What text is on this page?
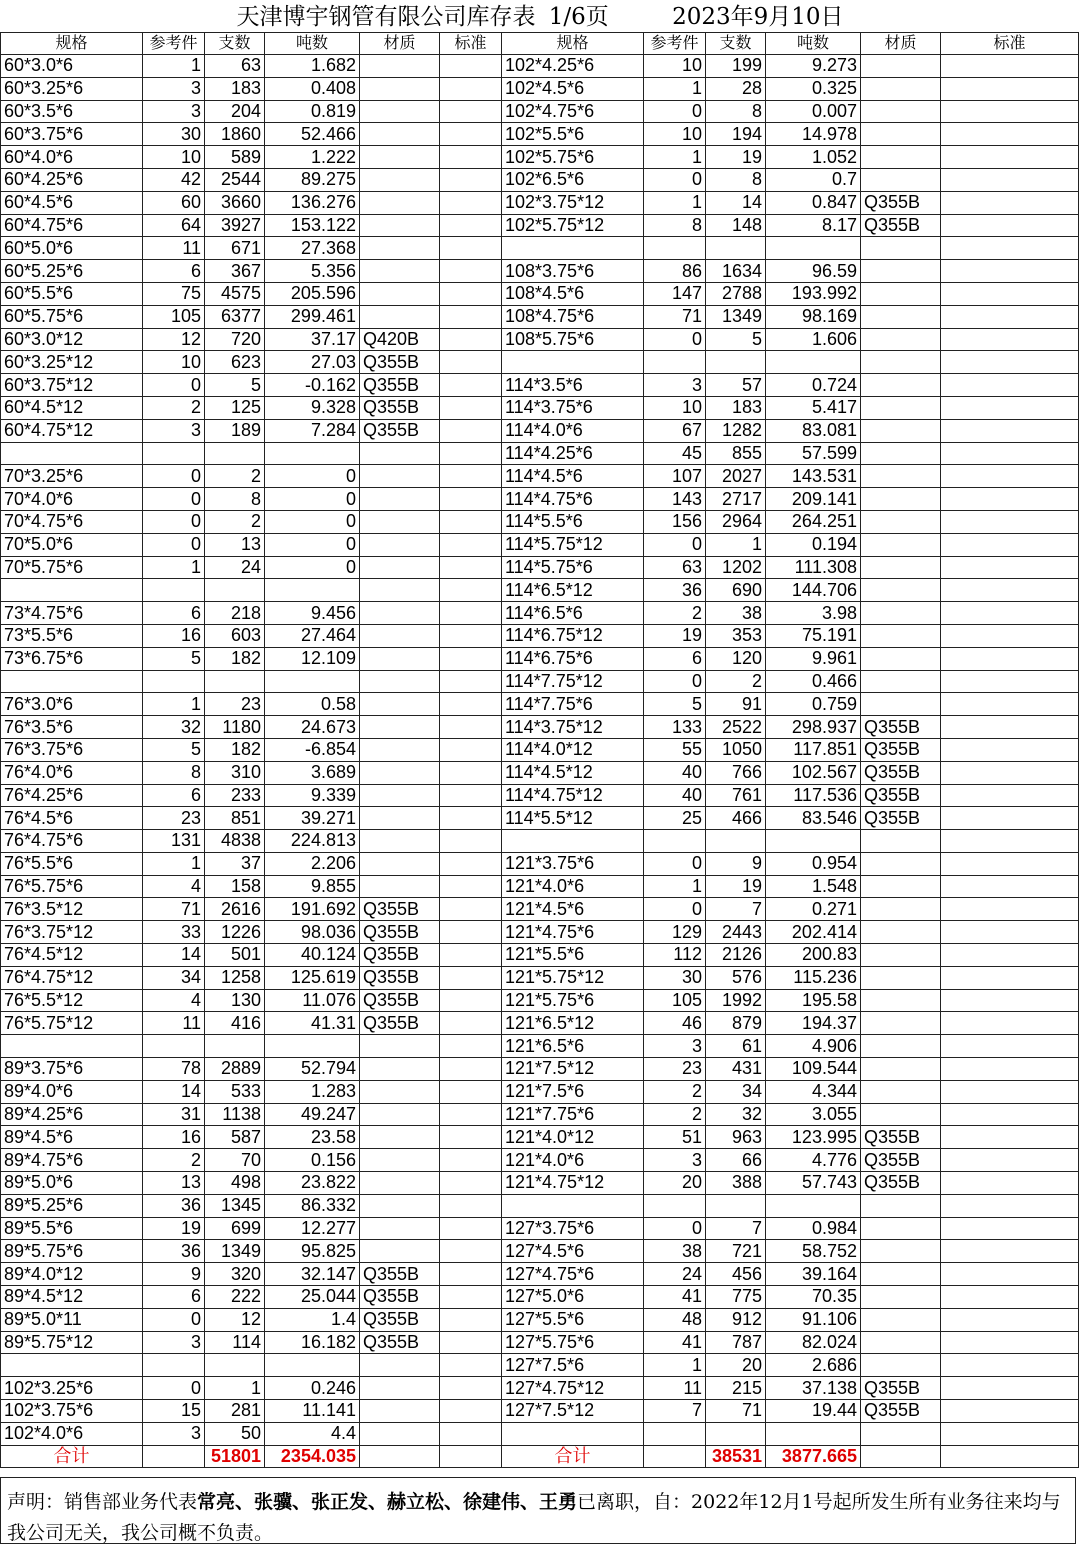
天津博宇钢管有限公司库存表 1/6页	2023年9月10日
规格	参考件	支数	吨数	材质	标准	规格	参考件	支数	吨数	材质	标准
60*3.0*6	1	63	1.682			102*4.25*6	10	199	9.273		
60*3.25*6	3	183	0.408			102*4.5*6	1	28	0.325		
60*3.5*6	3	204	0.819			102*4.75*6	0	8	0.007		
60*3.75*6	30	1860	52.466			102*5.5*6	10	194	14.978		
60*4.0*6	10	589	1.222			102*5.75*6	1	19	1.052		
60*4.25*6	42	2544	89.275			102*6.5*6	0	8	0.7		
60*4.5*6	60	3660	136.276			102*3.75*12	1	14	0.847	Q355B	
60*4.75*6	64	3927	153.122			102*5.75*12	8	148	8.17	Q355B	
60*5.0*6	11	671	27.368								
60*5.25*6	6	367	5.356			108*3.75*6	86	1634	96.59		
60*5.5*6	75	4575	205.596			108*4.5*6	147	2788	193.992		
60*5.75*6	105	6377	299.461			108*4.75*6	71	1349	98.169		
60*3.0*12	12	720	37.17	Q420B		108*5.75*6	0	5	1.606		
60*3.25*12	10	623	27.03	Q355B							
60*3.75*12	0	5	-0.162	Q355B		114*3.5*6	3	57	0.724		
60*4.5*12	2	125	9.328	Q355B		114*3.75*6	10	183	5.417		
60*4.75*12	3	189	7.284	Q355B		114*4.0*6	67	1282	83.081		
						114*4.25*6	45	855	57.599		
70*3.25*6	0	2	0			114*4.5*6	107	2027	143.531		
70*4.0*6	0	8	0			114*4.75*6	143	2717	209.141		
70*4.75*6	0	2	0			114*5.5*6	156	2964	264.251		
70*5.0*6	0	13	0			114*5.75*12	0	1	0.194		
70*5.75*6	1	24	0			114*5.75*6	63	1202	111.308		
						114*6.5*12	36	690	144.706		
73*4.75*6	6	218	9.456			114*6.5*6	2	38	3.98		
73*5.5*6	16	603	27.464			114*6.75*12	19	353	75.191		
73*6.75*6	5	182	12.109			114*6.75*6	6	120	9.961		
						114*7.75*12	0	2	0.466		
76*3.0*6	1	23	0.58			114*7.75*6	5	91	0.759		
76*3.5*6	32	1180	24.673			114*3.75*12	133	2522	298.937	Q355B	
76*3.75*6	5	182	-6.854			114*4.0*12	55	1050	117.851	Q355B	
76*4.0*6	8	310	3.689			114*4.5*12	40	766	102.567	Q355B	
76*4.25*6	6	233	9.339			114*4.75*12	40	761	117.536	Q355B	
76*4.5*6	23	851	39.271			114*5.5*12	25	466	83.546	Q355B	
76*4.75*6	131	4838	224.813								
76*5.5*6	1	37	2.206			121*3.75*6	0	9	0.954		
76*5.75*6	4	158	9.855			121*4.0*6	1	19	1.548		
76*3.5*12	71	2616	191.692	Q355B		121*4.5*6	0	7	0.271		
76*3.75*12	33	1226	98.036	Q355B		121*4.75*6	129	2443	202.414		
76*4.5*12	14	501	40.124	Q355B		121*5.5*6	112	2126	200.83		
76*4.75*12	34	1258	125.619	Q355B		121*5.75*12	30	576	115.236		
76*5.5*12	4	130	11.076	Q355B		121*5.75*6	105	1992	195.58		
76*5.75*12	11	416	41.31	Q355B		121*6.5*12	46	879	194.37		
						121*6.5*6	3	61	4.906		
89*3.75*6	78	2889	52.794			121*7.5*12	23	431	109.544		
89*4.0*6	14	533	1.283			121*7.5*6	2	34	4.344		
89*4.25*6	31	1138	49.247			121*7.75*6	2	32	3.055		
89*4.5*6	16	587	23.58			121*4.0*12	51	963	123.995	Q355B	
89*4.75*6	2	70	0.156			121*4.0*6	3	66	4.776	Q355B	
89*5.0*6	13	498	23.822			121*4.75*12	20	388	57.743	Q355B	
89*5.25*6	36	1345	86.332								
89*5.5*6	19	699	12.277			127*3.75*6	0	7	0.984		
89*5.75*6	36	1349	95.825			127*4.5*6	38	721	58.752		
89*4.0*12	9	320	32.147	Q355B		127*4.75*6	24	456	39.164		
89*4.5*12	6	222	25.044	Q355B		127*5.0*6	41	775	70.35		
89*5.0*11	0	12	1.4	Q355B		127*5.5*6	48	912	91.106		
89*5.75*12	3	114	16.182	Q355B		127*5.75*6	41	787	82.024		
						127*7.5*6	1	20	2.686		
102*3.25*6	0	1	0.246			127*4.75*12	11	215	37.138	Q355B	
102*3.75*6	15	281	11.141			127*7.5*12	7	71	19.44	Q355B	
102*4.0*6	3	50	4.4								
合计		51801	2354.035			合计		38531	3877.665		
声明：销售部业务代表常亮、张骥、张正发、赫立松、徐建伟、王勇已离职，自：2022年12月1号起所发生所有业务往来均与我公司无关，我公司概不负责。
